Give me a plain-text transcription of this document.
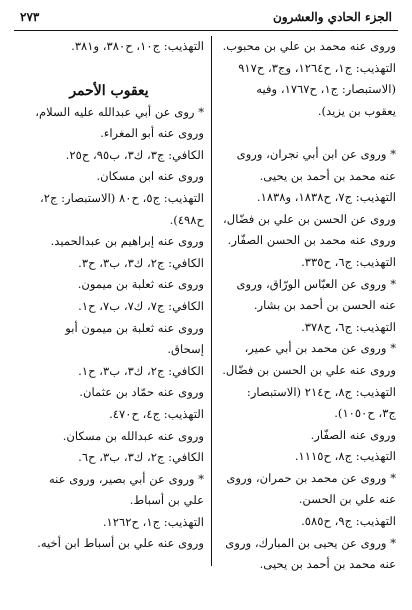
الجزء الحادي والعشرون
٢٧٣
وروى عنه محمد بن علي بن محبوب.
التهذيب: ج١، ح١٢٦٤، وج٣، ح٩١٧
(الاستبصار: ج١، ح١٧٦٧، وفيه
يعقوب بن يزيد).
* وروى عن ابن أبي نجران، وروى
عنه محمد بن أحمد بن يحيى.
التهذيب: ج٧، ح١٨٣٨، و١٨٣٨.
وروى عن الحسن بن علي بن فضّال،
وروى عنه محمد بن الحسن الصفّار.
التهذيب: ج٦، ح٣٣٥.
* وروى عن العبّاس الورّاق، وروى
عنه الحسن بن أحمد بن بشار.
التهذيب: ج٦، ح٣٧٨.
* وروى عن محمد بن أبي عمير،
وروى عنه علي بن الحسن بن فضّال.
التهذيب: ج٨، ح٢١٤ (الاستبصار:
ج٣، ح١٠٥٠).
وروى عنه الصفّار.
التهذيب: ج٨، ح١١١٥.
* وروى عن محمد بن حمران، وروى
عنه علي بن الحسن.
التهذيب: ج٩، ح٥٨٥.
* وروى عن يحيى بن المبارك، وروى
عنه محمد بن أحمد بن يحيى.
التهذيب: ج١٠، ح٣٨٠، و٣٨١.
يعقوب الأحمر
* روى عن أبي عبدالله عليه السلام،
وروى عنه أبو المغراء.
الكافي: ج٣، ك٣، ب٩٥، ح٢٥.
وروى عنه ابن مسكان.
التهذيب: ج٥، ح٨٠ (الاستبصار: ج٢،
ح٤٩٨).
وروى عنه إبراهيم بن عبدالحميد.
الكافي: ج٢، ك٣، ب٣، ح٣.
وروى عنه ثعلبة بن ميمون.
الكافي: ج٧، ك٧، ب٧، ح١.
وروى عنه ثعلبة بن ميمون أبو
إسحاق.
الكافي: ج٢، ك٣، ب٣، ح١.
وروى عنه حمّاد بن عثمان.
التهذيب: ج٤، ح٤٧٠.
وروى عنه عبدالله بن مسكان.
الكافي: ج٢، ك٣، ب٣، ح٦.
* وروى عن أبي بصير، وروى عنه
علي بن أسباط.
التهذيب: ج١، ح١٢٦٢.
وروى عنه علي بن أسباط ابن أخيه.
